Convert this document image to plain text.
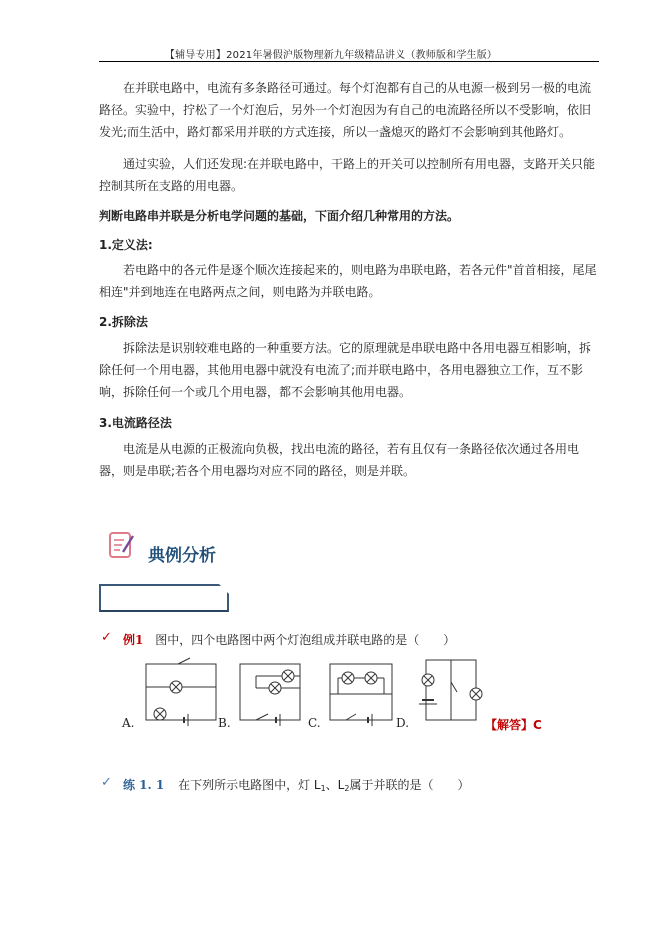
【辅导专用】2021年暑假沪版物理新九年级精品讲义（教师版和学生版）
在并联电路中，电流有多条路径可通过。每个灯泡都有自己的从电源一极到另一极的电流路径。实验中，拧松了一个灯泡后，另外一个灯泡因为有自己的电流路径所以不受影响，依旧发光;而生活中，路灯都采用并联的方式连接，所以一盏熄灭的路灯不会影响到其他路灯。
通过实验，人们还发现:在并联电路中，干路上的开关可以控制所有用电器，支路开关只能控制其所在支路的用电器。
判断电路串并联是分析电学问题的基础，下面介绍几种常用的方法。
1.定义法:
若电路中的各元件是逐个顺次连接起来的，则电路为串联电路，若各元件"首首相接，尾尾相连"并到地连在电路两点之间，则电路为并联电路。
2.拆除法
拆除法是识别较难电路的一种重要方法。它的原理就是串联电路中各用电器互相影响，拆除任何一个用电器，其他用电器中就没有电流了;而并联电路中，各用电器独立工作，互不影响，拆除任何一个或几个用电器，都不会影响其他用电器。
3.电流路径法
电流是从电源的正极流向负极，找出电流的路径，若有且仅有一条路径依次通过各用电器，则是串联;若各个用电器均对应不同的路径，则是并联。
典例分析
✓ 例1 图中，四个电路图中两个灯泡组成并联电路的是（　　）
A.	B.	C.	D.	【解答】C
✓ 练 1. 1 在下列所示电路图中，灯 $L_1$、$L_2$属于并联的是（　　）
